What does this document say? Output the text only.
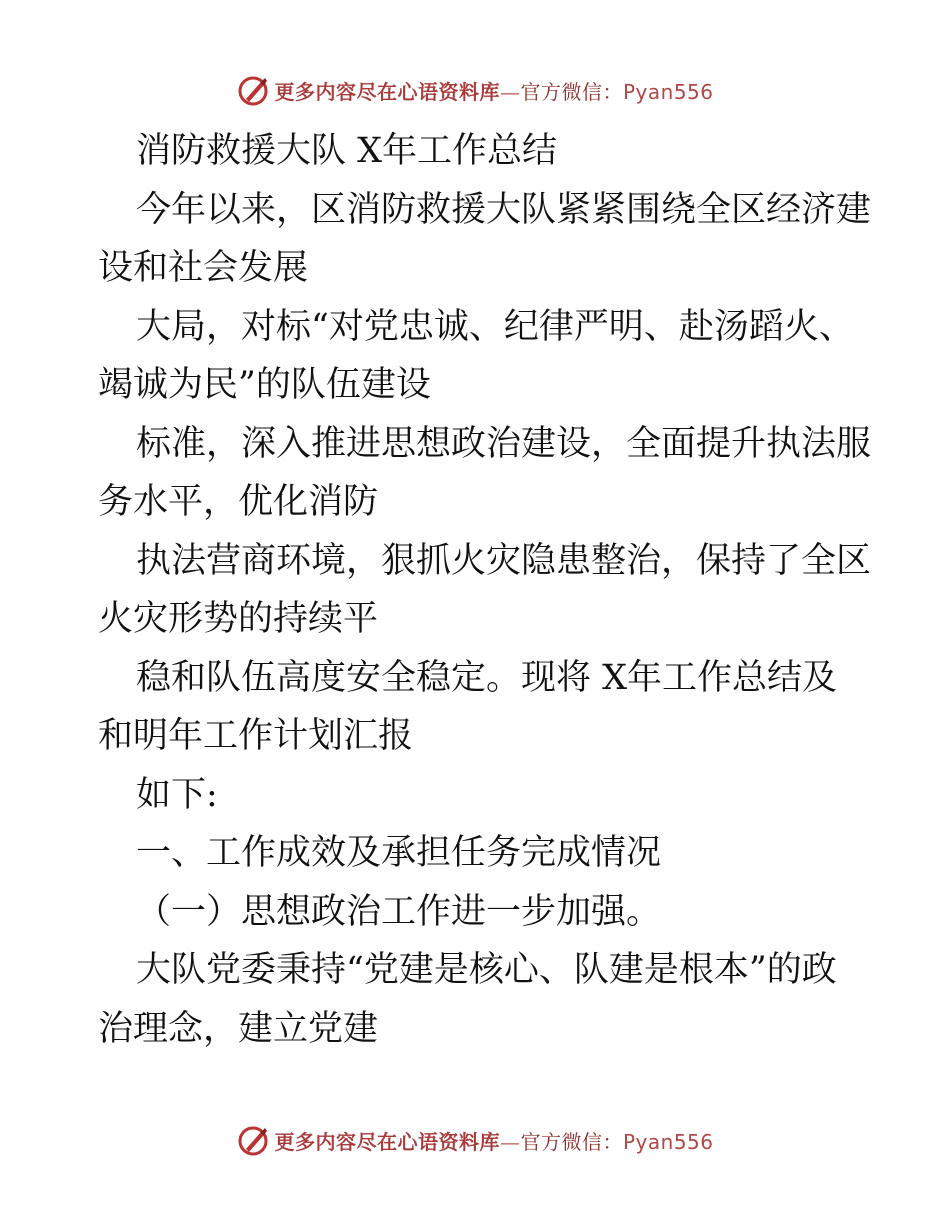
更多内容尽在心语资料库—官方微信：Pyan556
消防救援大队 X年工作总结
今年以来，区消防救援大队紧紧围绕全区经济建
设和社会发展
大局，对标“对党忠诚、纪律严明、赴汤蹈火、
竭诚为民”的队伍建设
标准，深入推进思想政治建设，全面提升执法服
务水平，优化消防
执法营商环境，狠抓火灾隐患整治，保持了全区
火灾形势的持续平
稳和队伍高度安全稳定。现将 X年工作总结及
和明年工作计划汇报
如下:
一、工作成效及承担任务完成情况
（一）思想政治工作进一步加强。
大队党委秉持“党建是核心、队建是根本”的政
治理念，建立党建
更多内容尽在心语资料库—官方微信：Pyan556
